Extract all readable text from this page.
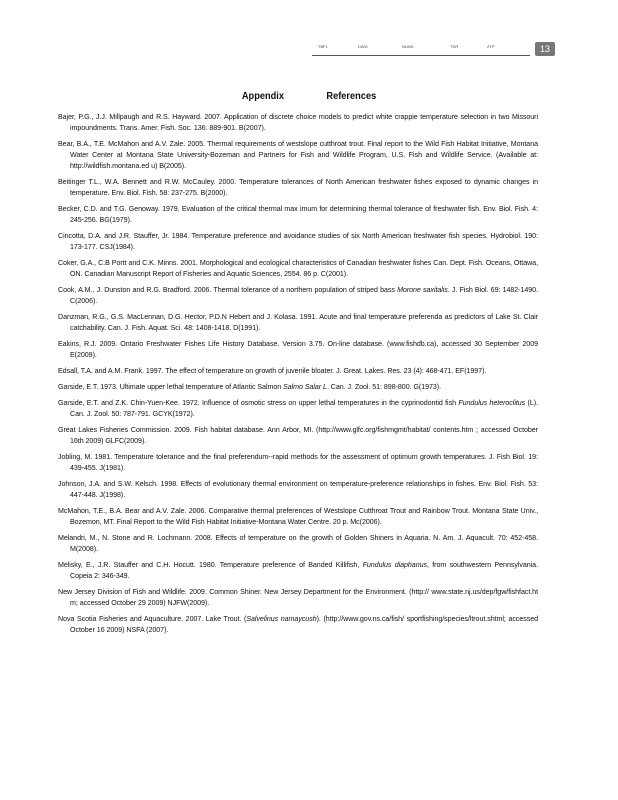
TBF1	DWG	NLWD	TDR	ZTP	13
Appendix	References
Bajer, P.G., J.J. Millpaugh and R.S. Hayward. 2007. Application of discrete choice models to predict white crappie temperature selection in two Missouri impoundments. Trans. Amer. Fish. Soc. 136: 889-901. B(2007).
Bear, B.A., T.E. McMahon and A.V. Zale. 2005. Thermal requirements of westslope cutthroat trout. Final report to the Wild Fish Habitat Initiative, Montana Water Center at Montana State University-Bozeman and Partners for Fish and Wildlife Program, U.S. Fish and Wildlife Service. (Available at: http://wildfish.montana.ed u) B(2005).
Beitinger T.L., W.A. Bennett and R.W. McCauley. 2000. Temperature tolerances of North American freshwater fishes exposed to dynamic changes in temperature. Env. Biol. Fish. 58: 237-275. B(2000).
Becker, C.D. and T.G. Genoway. 1979. Evaluation of the critical thermal max imum for determining thermal tolerance of freshwater fish. Env. Biol. Fish. 4: 245-256. BG(1979).
Cincotta, D.A. and J.R. Stauffer, Jr. 1984. Temperature preference and avoidance studies of six North American freshwater fish species. Hydrobiol. 190: 173-177. CSJ(1984).
Coker, G.A., C.B Portt and C.K. Minns. 2001. Morphological and ecological characteristics of Canadian freshwater fishes Can. Dept. Fish. Oceans, Ottawa, ON. Canadian Manuscript Report of Fisheries and Aquatic Sciences, 2554. 86 p. C(2001).
Cook, A.M., J. Dunston and R.G. Bradford. 2006. Thermal tolerance of a northern population of striped bass Morone saxitalis. J. Fish Biol. 69: 1482-1490. C(2006).
Danzman, R.G., G.S. MacLennan, D.G. Hector, P.D.N Hebert and J. Kolasa. 1991. Acute and final temperature preferenda as predictors of Lake St. Clair catchability. Can. J. Fish. Aquat. Sci. 48: 1408-1418. D(1991).
Eakins, R.J. 2009. Ontario Freshwater Fishes Life History Database. Version 3.75. On-line database. (www.fishdb.ca), accessed 30 September 2009 E(2009).
Edsall, T.A. and A.M. Frank. 1997. The effect of temperature on growth of juvenile bloater. J. Great. Lakes. Res. 23 (4): 468-471. EF(1997).
Garside, E.T. 1973. Ultimate upper lethal temperature of Atlantic Salmon Salmo Salar L. Can. J. Zool. 51: 898-800. G(1973).
Garside, E.T. and Z.K. Chin-Yuen-Kee. 1972. Influence of osmotic stress on upper lethal temperatures in the cyprinodontid fish Fundulus heteroclitus (L). Can. J. Zool. 50: 787-791. GCYK(1972).
Great Lakes Fisheries Commission. 2009. Fish habitat database. Ann Arbor, MI. (http://www.glfc.org/fishmgmt/habitat/ contents.htm ; accessed October 16th 2009) GLFC(2009).
Jobling, M. 1981. Temperature tolerance and the final preferendum--rapid methods for the assessment of optimum growth temperatures. J. Fish Biol. 19: 439-455. J(1981).
Johnson, J.A. and S.W. Kelsch. 1998. Effects of evolutionary thermal environment on temperature-preference relationships in fishes. Env. Biol. Fish. 53: 447-448. J(1998).
McMahon, T.E., B.A. Bear and A.V. Zale. 2006. Comparative thermal preferences of Westslope Cutthroat Trout and Rainbow Trout. Montana State Univ., Bozemon, MT. Final Report to the Wild Fish Habitat Initiative-Montana Water Centre. 20 p. Mc(2006).
Melandri, M., N. Stone and R. Lochmann. 2008. Effects of temperature on the growth of Golden Shiners in Aquaria. N. Am. J. Aquacult. 70: 452-458. M(2008).
Melisky, E., J.R. Stauffer and C.H. Hocutt. 1980. Temperature preference of Banded Killifish, Fundulus diaphanus, from southwestern Pennsylvania. Copeia 2: 346-349.
New Jersey Division of Fish and Wildlife. 2009. Common Shiner. New Jersey Department for the Environment. (http:// www.state.nj.us/dep/fgw/fishfact.ht m; accessed October 29 2009) NJFW(2009).
Nova Scotia Fisheries and Aquaculture. 2007. Lake Trout. (Salvelinus namaycush). (http://www.gov.ns.ca/fish/ sportfishing/species/ltrout.shtml; accessed October 16 2009) NSFA (2007).
